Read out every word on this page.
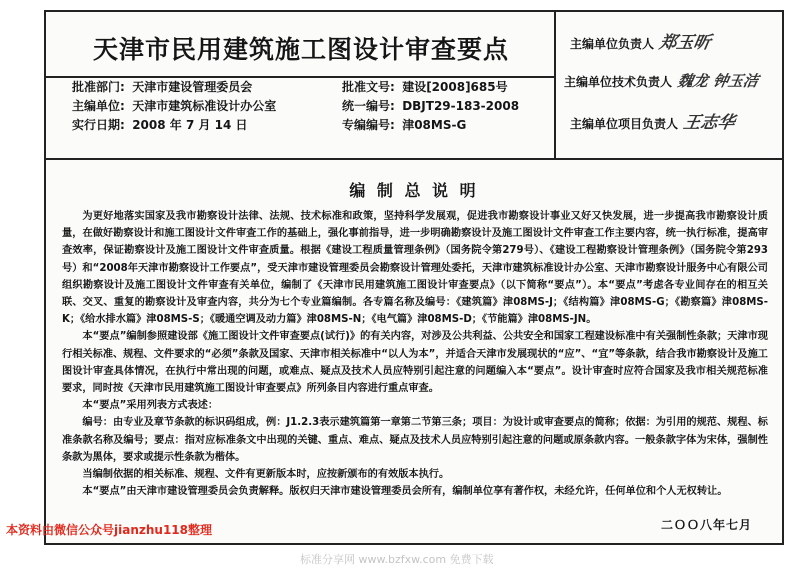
天津市民用建筑施工图设计审查要点
批准部门: 天津市建设管理委员会
主编单位: 天津市建筑标准设计办公室
实行日期: 2008 年 7 月 14 日
批准文号: 建设[2008]685号
统一编号: DBJT29-183-2008
专编编号: 津08MS-G
主编单位负责人 郑玉昕
主编单位技术负责人 魏龙 钟玉洁
主编单位项目负责人 王志华
编 制 总 说 明

为更好地落实国家及我市勘察设计法律、法规、技术标准和政策，坚持科学发展观，促进我市勘察设计事业又好又快发展，进一步提高我市勘察设计质量，在做好勘察设计和施工图设计文件审查工作的基础上，强化事前指导，进一步明确勘察设计及施工图设计文件审查工作主要内容，统一执行标准，提高审查效率，保证勘察设计及施工图设计文件审查质量。根据《建设工程质量管理条例》（国务院令第279号）、《建设工程勘察设计管理条例》（国务院令第293号）和“2008年天津市勘察设计工作要点”，受天津市建设管理委员会勘察设计管理处委托，天津市建筑标准设计办公室、天津市勘察设计服务中心有限公司组织勘察设计及施工图设计文件审查有关单位，编制了《天津市民用建筑施工图设计审查要点》（以下简称“要点”）。本“要点”考虑各专业间存在的相互关联、交叉、重复的勘察设计及审查内容，共分为七个专业篇编制。各专篇名称及编号：《建筑篇》津08MS-J；《结构篇》津08MS-G；《勘察篇》津08MS-K；《给水排水篇》津08MS-S；《暖通空调及动力篇》津08MS-N；《电气篇》津08MS-D；《节能篇》津08MS-JN。

本“要点”编制参照建设部《施工图设计文件审查要点(试行)》的有关内容，对涉及公共利益、公共安全和国家工程建设标准中有关强制性条款；天津市现行相关标准、规程、文件要求的“必须”条款及国家、天津市相关标准中“以人为本”，并适合天津市发展现状的“应”、“宜”等条款，结合我市勘察设计及施工图设计审查具体情况，在执行中常出现的问题，或难点、疑点及技术人员应特别引起注意的问题编入本“要点”。设计审查时应符合国家及我市相关规范标准要求，同时按《天津市民用建筑施工图设计审查要点》所列条目内容进行重点审查。

本“要点”采用列表方式表述：

编号：由专业及章节条款的标识码组成，例：J1.2.3表示建筑篇第一章第二节第三条；项目：为设计或审查要点的简称；依据：为引用的规范、规程、标准条款名称及编号；要点：指对应标准条文中出现的关键、重点、难点、疑点及技术人员应特别引起注意的问题或原条款内容。一般条款字体为宋体，强制性条款为黑体，要求或提示性条款为楷体。

当编制依据的相关标准、规程、文件有更新版本时，应按新颁布的有效版本执行。

本“要点”由天津市建设管理委员会负责解释。版权归天津市建设管理委员会所有，编制单位享有著作权，未经允许，任何单位和个人无权转让。

二ＯＯ八年七月
本资料由微信公众号jianzhu118整理
标准分享网 www.bzfxw.com 免费下载
